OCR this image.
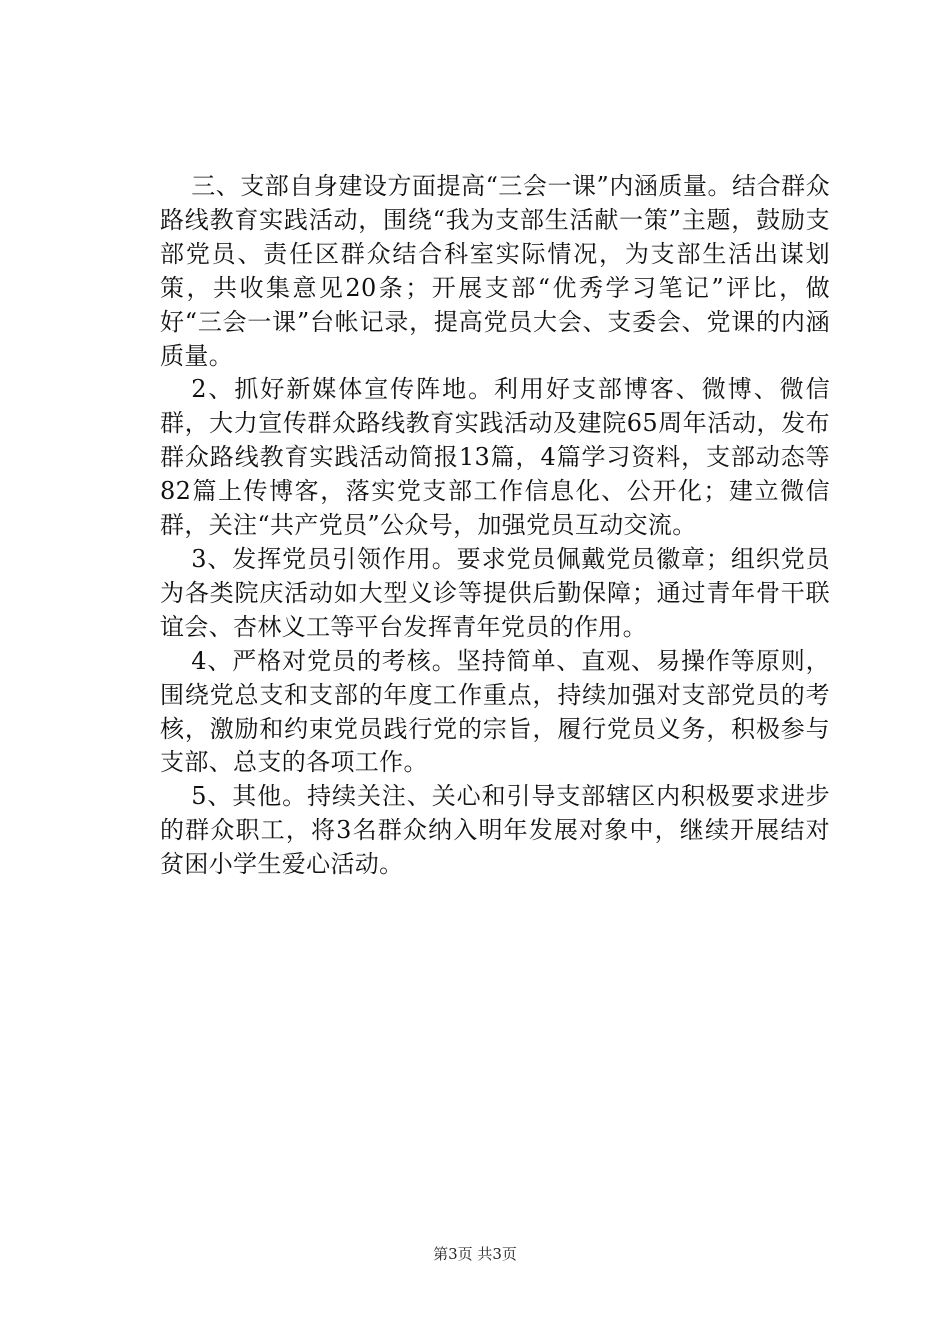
三、支部自身建设方面提高“三会一课”内涵质量。结合群众路线教育实践活动，围绕“我为支部生活献一策”主题，鼓励支部党员、责任区群众结合科室实际情况，为支部生活出谋划策，共收集意见20条；开展支部“优秀学习笔记”评比，做好“三会一课”台帐记录，提高党员大会、支委会、党课的内涵质量。

2、抓好新媒体宣传阵地。利用好支部博客、微博、微信群，大力宣传群众路线教育实践活动及建院65周年活动，发布群众路线教育实践活动简报13篇，4篇学习资料，支部动态等82篇上传博客，落实党支部工作信息化、公开化；建立微信群，关注“共产党员”公众号，加强党员互动交流。

3、发挥党员引领作用。要求党员佩戴党员徽章；组织党员为各类院庆活动如大型义诊等提供后勤保障；通过青年骨干联谊会、杏林义工等平台发挥青年党员的作用。

4、严格对党员的考核。坚持简单、直观、易操作等原则，围绕党总支和支部的年度工作重点，持续加强对支部党员的考核，激励和约束党员践行党的宗旨，履行党员义务，积极参与支部、总支的各项工作。

5、其他。持续关注、关心和引导支部辖区内积极要求进步的群众职工，将3名群众纳入明年发展对象中，继续开展结对贫困小学生爱心活动。

第3页 共3页
